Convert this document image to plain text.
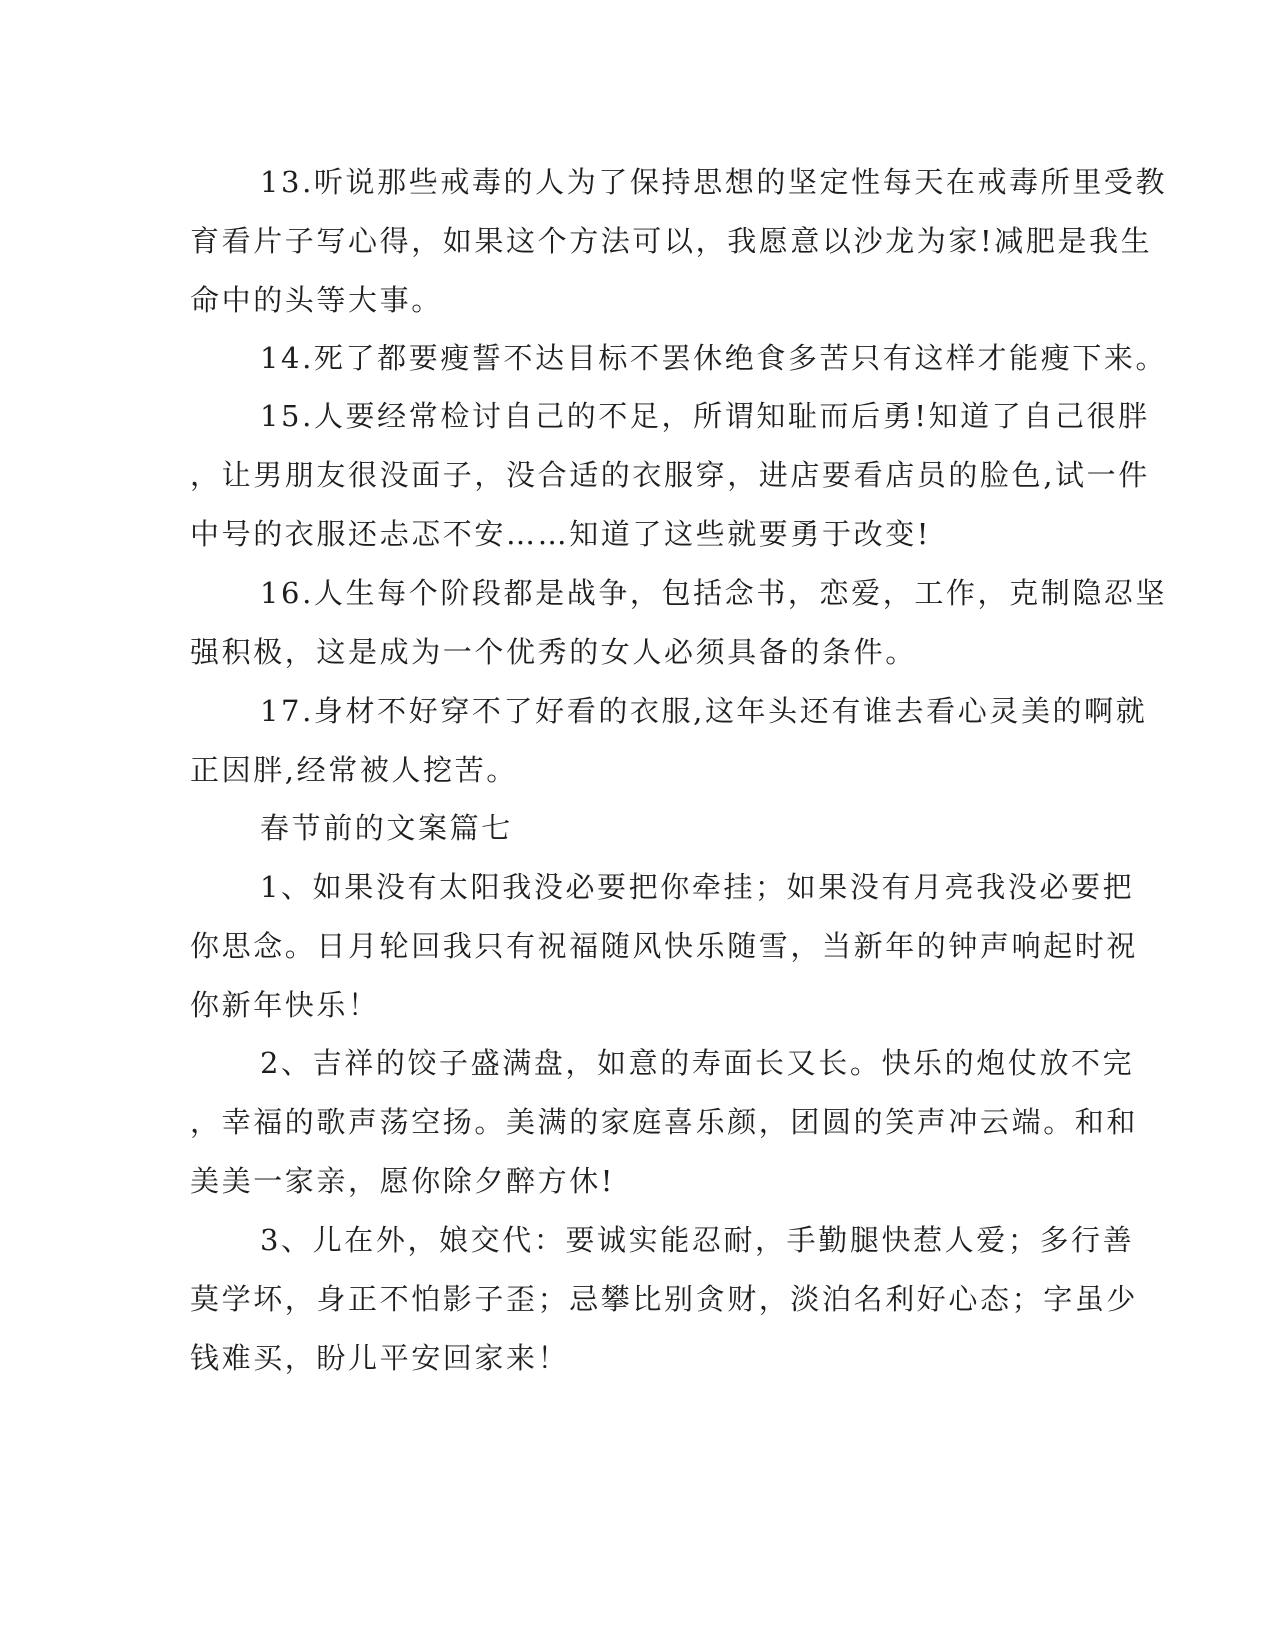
13.听说那些戒毒的人为了保持思想的坚定性每天在戒毒所里受教
育看片子写心得，如果这个方法可以，我愿意以沙龙为家!减肥是我生
命中的头等大事。
14.死了都要瘦誓不达目标不罢休绝食多苦只有这样才能瘦下来。
15.人要经常检讨自己的不足，所谓知耻而后勇!知道了自己很胖
，让男朋友很没面子，没合适的衣服穿，进店要看店员的脸色,试一件
中号的衣服还忐忑不安……知道了这些就要勇于改变!
16.人生每个阶段都是战争，包括念书，恋爱，工作，克制隐忍坚
强积极，这是成为一个优秀的女人必须具备的条件。
17.身材不好穿不了好看的衣服,这年头还有谁去看心灵美的啊就
正因胖,经常被人挖苦。
春节前的文案篇七
1、如果没有太阳我没必要把你牵挂；如果没有月亮我没必要把
你思念。日月轮回我只有祝福随风快乐随雪，当新年的钟声响起时祝
你新年快乐！
2、吉祥的饺子盛满盘，如意的寿面长又长。快乐的炮仗放不完
，幸福的歌声荡空扬。美满的家庭喜乐颜，团圆的笑声冲云端。和和
美美一家亲，愿你除夕醉方休!
3、儿在外，娘交代：要诚实能忍耐，手勤腿快惹人爱；多行善
莫学坏，身正不怕影子歪；忌攀比别贪财，淡泊名利好心态；字虽少
钱难买，盼儿平安回家来！
